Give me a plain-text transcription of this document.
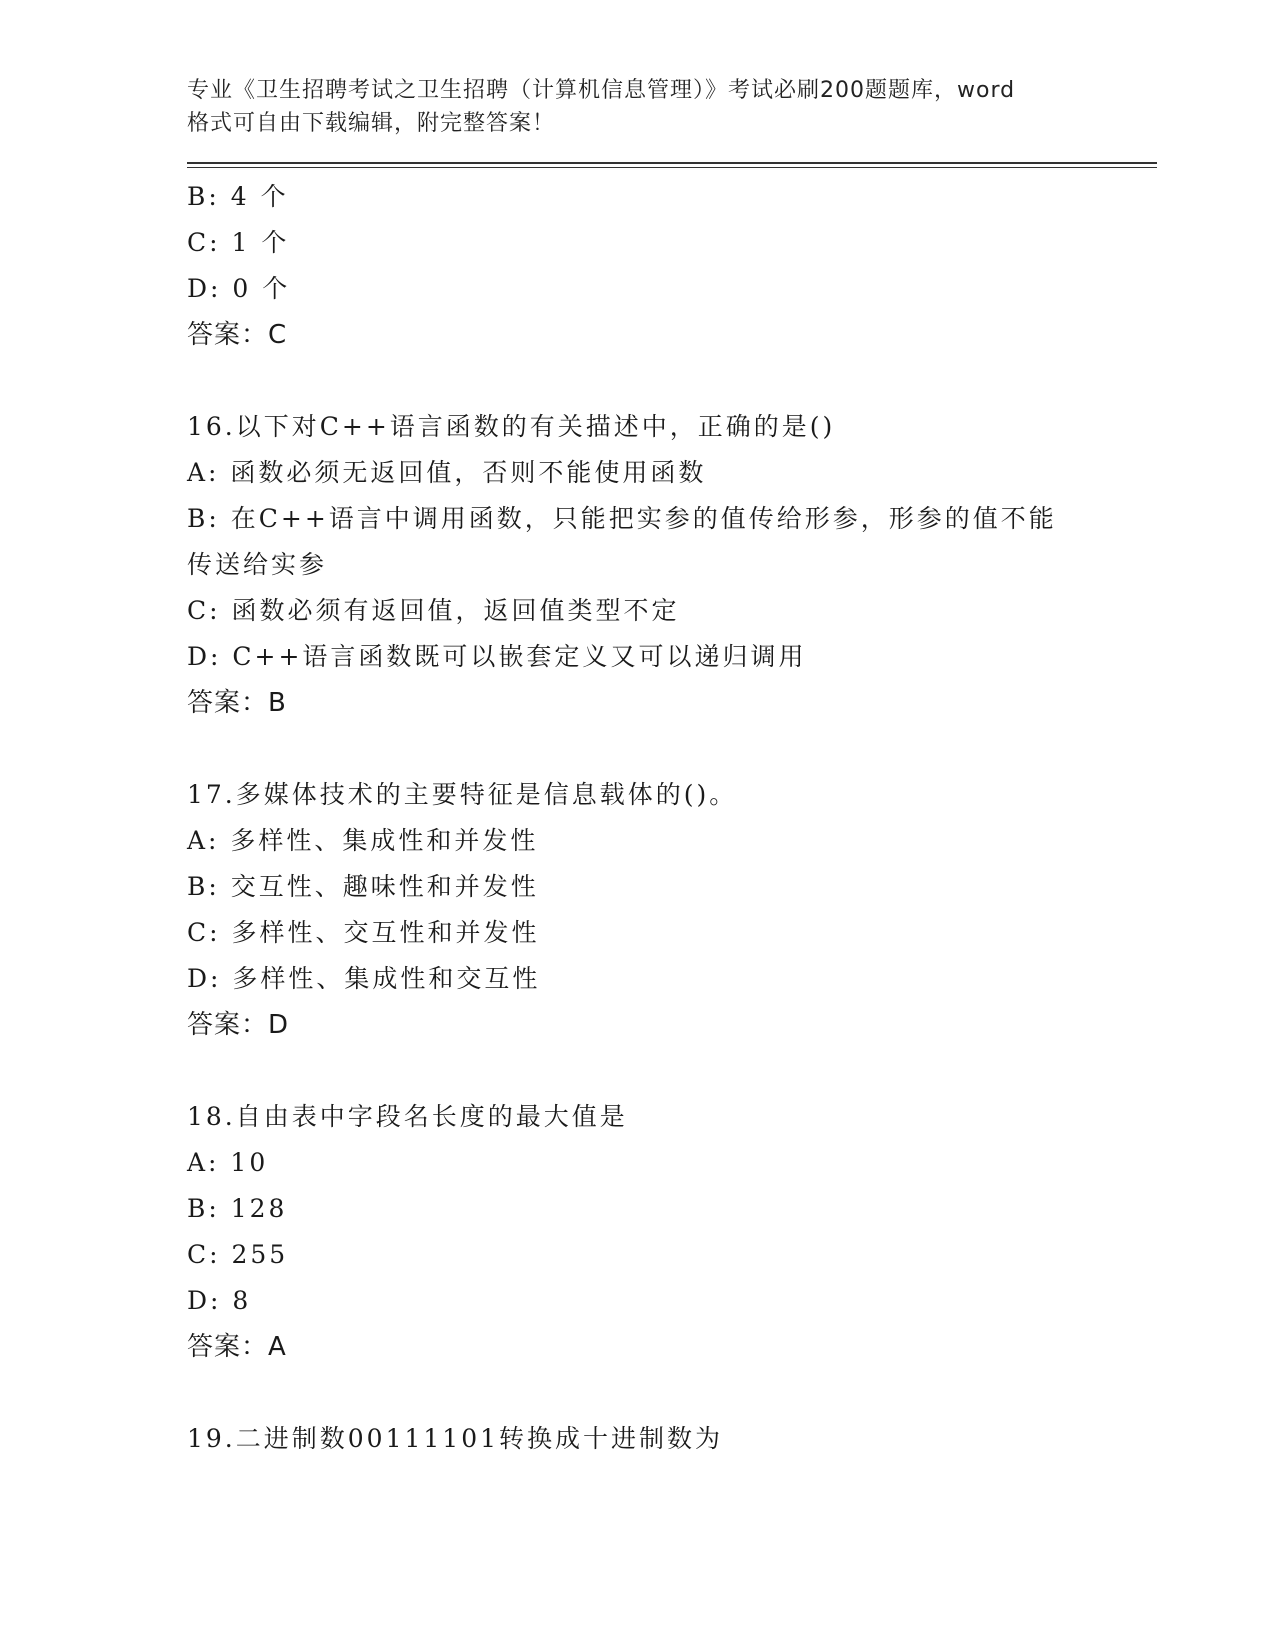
专业《卫生招聘考试之卫生招聘（计算机信息管理）》考试必刷200题题库，word
格式可自由下载编辑，附完整答案！
B: 4 个
C: 1 个
D: 0 个
答案：C
16.以下对C++语言函数的有关描述中，正确的是()
A: 函数必须无返回值，否则不能使用函数
B: 在C++语言中调用函数，只能把实参的值传给形参，形参的值不能
传送给实参
C: 函数必须有返回值，返回值类型不定
D: C++语言函数既可以嵌套定义又可以递归调用
答案：B
17.多媒体技术的主要特征是信息载体的()。
A: 多样性、集成性和并发性
B: 交互性、趣味性和并发性
C: 多样性、交互性和并发性
D: 多样性、集成性和交互性
答案：D
18.自由表中字段名长度的最大值是
A: 10
B: 128
C: 255
D: 8
答案：A
19.二进制数00111101转换成十进制数为
